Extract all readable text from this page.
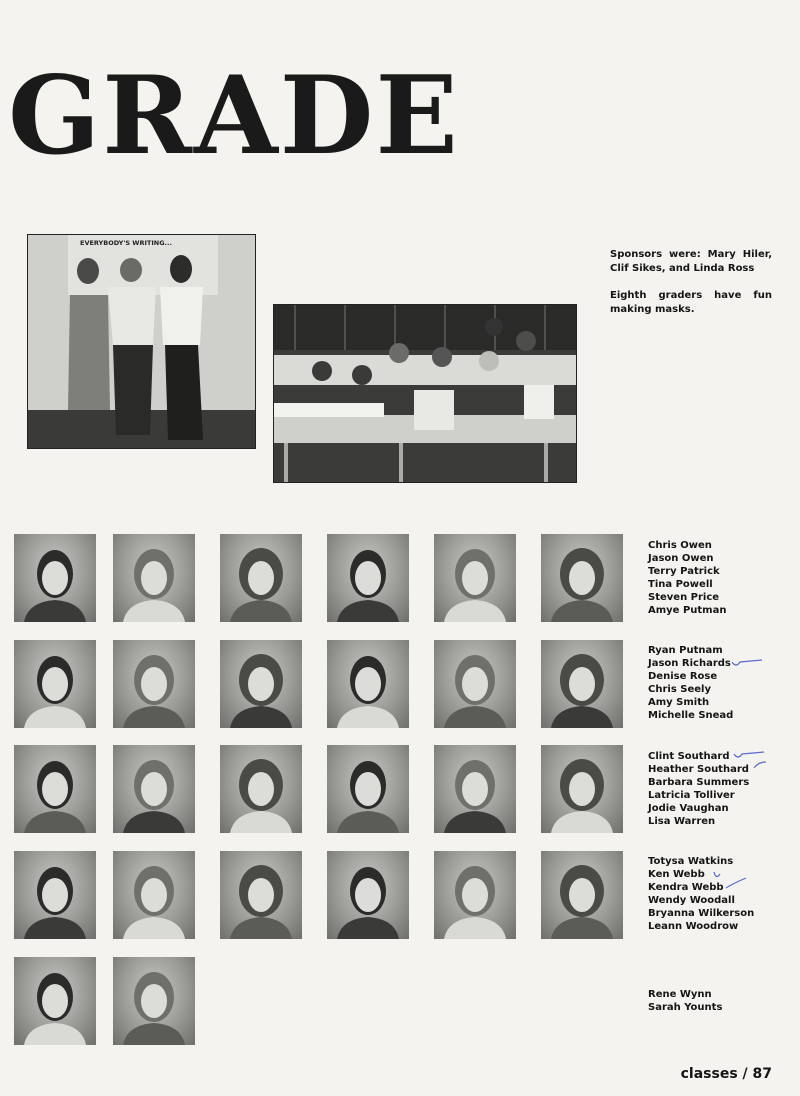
GRADE
EVERYBODY'S WRITING...

Sponsors were: Mary Hiler, Clif Sikes, and Linda Ross

Eighth graders have fun making masks.

Chris Owen
Jason Owen
Terry Patrick
Tina Powell
Steven Price
Amye Putman
Ryan Putnam
Jason Richards
Denise Rose
Chris Seely
Amy Smith
Michelle Snead
Clint Southard
Heather Southard
Barbara Summers
Latricia Tolliver
Jodie Vaughan
Lisa Warren
Totysa Watkins
Ken Webb
Kendra Webb
Wendy Woodall
Bryanna Wilkerson
Leann Woodrow
Rene Wynn
Sarah Younts
classes / 87
